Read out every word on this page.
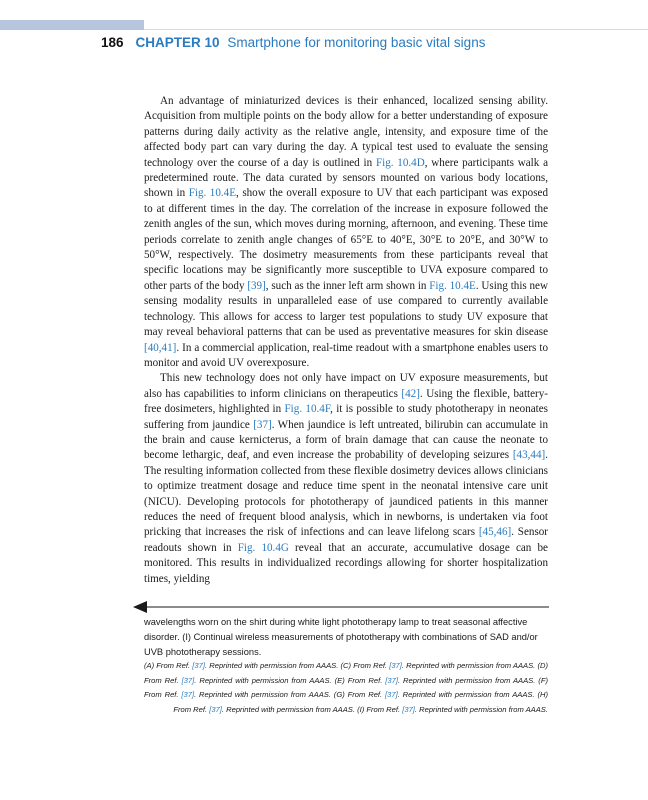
186 CHAPTER 10 Smartphone for monitoring basic vital signs

An advantage of miniaturized devices is their enhanced, localized sensing ability. Acquisition from multiple points on the body allow for a better understanding of exposure patterns during daily activity as the relative angle, intensity, and exposure time of the affected body part can vary during the day. A typical test used to evaluate the sensing technology over the course of a day is outlined in Fig. 10.4D, where participants walk a predetermined route. The data curated by sensors mounted on various body locations, shown in Fig. 10.4E, show the overall exposure to UV that each participant was exposed to at different times in the day. The correlation of the increase in exposure followed the zenith angles of the sun, which moves during morning, afternoon, and evening. These time periods correlate to zenith angle changes of 65°E to 40°E, 30°E to 20°E, and 30°W to 50°W, respectively. The dosimetry measurements from these participants reveal that specific locations may be significantly more susceptible to UVA exposure compared to other parts of the body [39], such as the inner left arm shown in Fig. 10.4E. Using this new sensing modality results in unparalleled ease of use compared to currently available technology. This allows for access to larger test populations to study UV exposure that may reveal behavioral patterns that can be used as preventative measures for skin disease [40,41]. In a commercial application, real-time readout with a smartphone enables users to monitor and avoid UV overexposure.

This new technology does not only have impact on UV exposure measurements, but also has capabilities to inform clinicians on therapeutics [42]. Using the flexible, battery-free dosimeters, highlighted in Fig. 10.4F, it is possible to study phototherapy in neonates suffering from jaundice [37]. When jaundice is left untreated, bilirubin can accumulate in the brain and cause kernicterus, a form of brain damage that can cause the neonate to become lethargic, deaf, and even increase the probability of developing seizures [43,44]. The resulting information collected from these flexible dosimetry devices allows clinicians to optimize treatment dosage and reduce time spent in the neonatal intensive care unit (NICU). Developing protocols for phototherapy of jaundiced patients in this manner reduces the need of frequent blood analysis, which in newborns, is undertaken via foot pricking that increases the risk of infections and can leave lifelong scars [45,46]. Sensor readouts shown in Fig. 10.4G reveal that an accurate, accumulative dosage can be monitored. This results in individualized recordings allowing for shorter hospitalization times, yielding

wavelengths worn on the shirt during white light phototherapy lamp to treat seasonal affective disorder. (I) Continual wireless measurements of phototherapy with combinations of SAD and/or UVB phototherapy sessions.
(A) From Ref. [37]. Reprinted with permission from AAAS. (C) From Ref. [37]. Reprinted with permission from AAAS. (D) From Ref. [37]. Reprinted with permission from AAAS. (E) From Ref. [37]. Reprinted with permission from AAAS. (F) From Ref. [37]. Reprinted with permission from AAAS. (G) From Ref. [37]. Reprinted with permission from AAAS. (H) From Ref. [37]. Reprinted with permission from AAAS. (I) From Ref. [37]. Reprinted with permission from AAAS.
